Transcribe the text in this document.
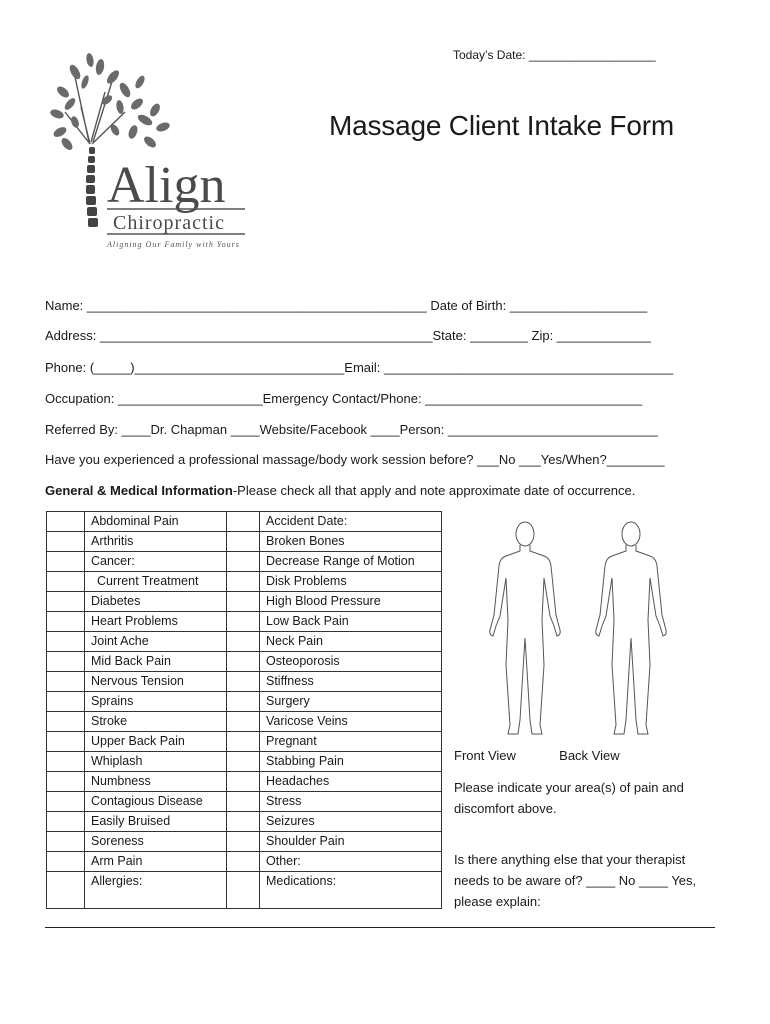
Align
Chiropractic
Aligning Our Family with Yours
Today’s Date: ___________________
Massage Client Intake Form
Name: _______________________________________________ Date of Birth: ___________________
Address: ______________________________________________State: ________ Zip: _____________
Phone: (_____)_____________________________Email: ________________________________________
Occupation: ____________________Emergency Contact/Phone: ______________________________
Referred By: ____Dr. Chapman ____Website/Facebook ____Person: _____________________________
Have you experienced a professional massage/body work session before? ___No ___Yes/When?________
General & Medical Information-Please check all that apply and note approximate date of occurrence.
	Abdominal Pain		Accident Date:
	Arthritis		Broken Bones
	Cancer:		Decrease Range of Motion
	Current Treatment		Disk Problems
	Diabetes		High Blood Pressure
	Heart Problems		Low Back Pain
	Joint Ache		Neck Pain
	Mid Back Pain		Osteoporosis
	Nervous Tension		Stiffness
	Sprains		Surgery
	Stroke		Varicose Veins
	Upper Back Pain		Pregnant
	Whiplash		Stabbing Pain
	Numbness		Headaches
	Contagious Disease		Stress
	Easily Bruised		Seizures
	Soreness		Shoulder Pain
	Arm Pain		Other:
	Allergies:		Medications:
Front View	Back View
Please indicate your area(s) of pain and discomfort above.
Is there anything else that your therapist needs to be aware of? ____ No ____ Yes, please explain:
